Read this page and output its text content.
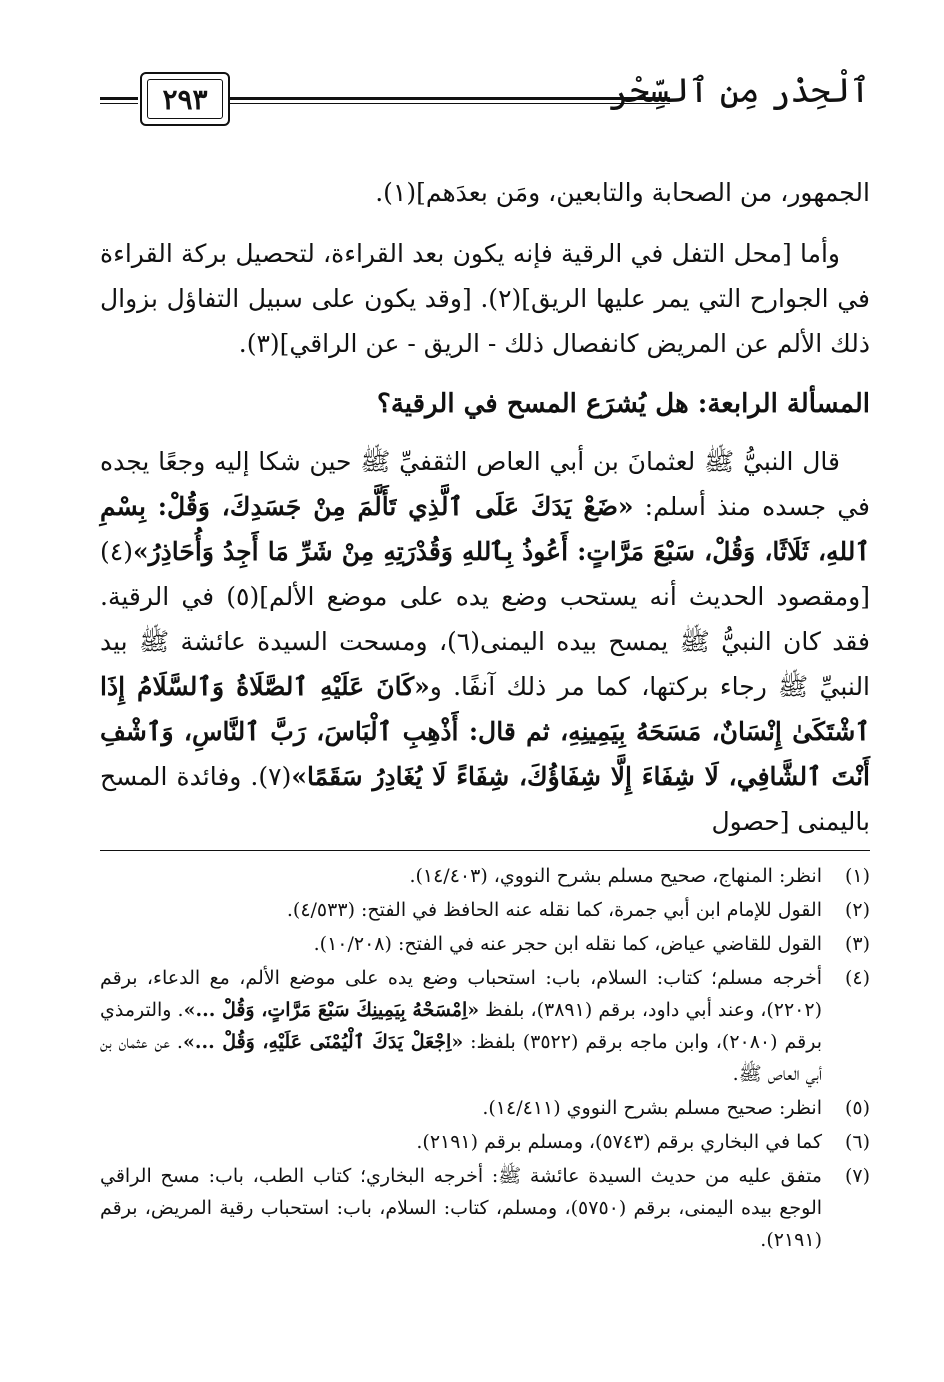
ٱلْحِذْر مِن ٱلسِّحْر
٢٩٣

الجمهور، من الصحابة والتابعين، ومَن بعدَهم](١).

وأما [محل التفل في الرقية فإنه يكون بعد القراءة، لتحصيل بركة القراءة في الجوارح التي يمر عليها الريق](٢). [وقد يكون على سبيل التفاؤل بزوال ذلك الألم عن المريض كانفصال ذلك - الريق - عن الراقي](٣).

المسألة الرابعة: هل يُشرَع المسح في الرقية؟

قال النبيُّ ﷺ لعثمانَ بن أبي العاص الثقفيِّ ﷺ حين شكا إليه وجعًا يجده في جسده منذ أسلم: «ضَعْ يَدَكَ عَلَى ٱلَّذِي تَأَلَّمَ مِنْ جَسَدِكَ، وَقُلْ: بِسْمِ ٱللهِ، ثَلَاثًا، وَقُلْ، سَبْعَ مَرَّاتٍ: أَعُوذُ بِٱللهِ وَقُدْرَتِهِ مِنْ شَرِّ مَا أَجِدُ وَأُحَاذِرُ»(٤) [ومقصود الحديث أنه يستحب وضع يده على موضع الألم](٥) في الرقية. فقد كان النبيُّ ﷺ يمسح بيده اليمنى(٦)، ومسحت السيدة عائشة ﷺ بيد النبيِّ ﷺ رجاء بركتها، كما مر ذلك آنفًا. و«كَانَ عَلَيْهِ ٱلصَّلَاةُ وَٱلسَّلَامُ إِذَا ٱشْتَكَىٰ إِنْسَانٌ، مَسَحَهُ بِيَمِينِهِ، ثم قال: أَذْهِبِ ٱلْبَاسَ، رَبَّ ٱلنَّاسِ، وَٱشْفِ أَنْتَ ٱلشَّافِي، لَا شِفَاءَ إِلَّا شِفَاؤُكَ، شِفَاءً لَا يُغَادِرُ سَقَمًا»(٧). وفائدة المسح باليمنى [حصول

(١)
انظر: المنهاج، صحيح مسلم بشرح النووي، (١٤/٤٠٣).
(٢)
القول للإمام ابن أبي جمرة، كما نقله عنه الحافظ في الفتح: (٤/٥٣٣).
(٣)
القول للقاضي عياض، كما نقله ابن حجر عنه في الفتح: (١٠/٢٠٨).
(٤)
أخرجه مسلم؛ كتاب: السلام، باب: استحباب وضع يده على موضع الألم، مع الدعاء، برقم (٢٢٠٢)، وعند أبي داود، برقم (٣٨٩١)، بلفظ «اِمْسَحْهُ بِيَمِينِكَ سَبْعَ مَرَّاتٍ، وَقُلْ ...». والترمذي برقم (٢٠٨٠)، وابن ماجه برقم (٣٥٢٢) بلفظ: «اِجْعَلْ يَدَكَ ٱلْيُمْنَى عَلَيْهِ، وَقُلْ ...». عن عثمان بن أبي العاص ﷺ.
(٥)
انظر: صحيح مسلم بشرح النووي (١٤/٤١١).
(٦)
كما في البخاري برقم (٥٧٤٣)، ومسلم برقم (٢١٩١).
(٧)
متفق عليه من حديث السيدة عائشة ﷺ: أخرجه البخاري؛ كتاب الطب، باب: مسح الراقي الوجع بيده اليمنى، برقم (٥٧٥٠)، ومسلم، كتاب: السلام، باب: استحباب رقية المريض، برقم (٢١٩١).
